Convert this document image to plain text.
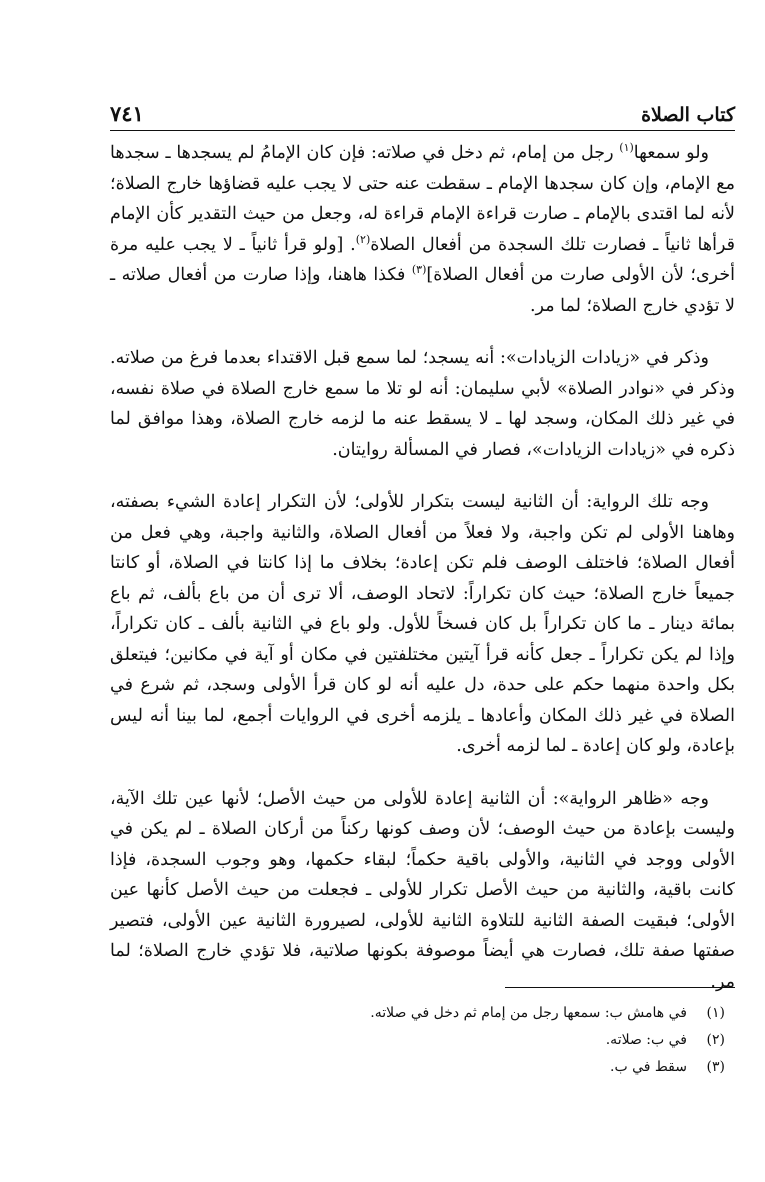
كتاب الصلاة
٧٤١

ولو سمعها$^{(١)}$ رجل من إمام، ثم دخل في صلاته: فإن كان الإمامُ لم يسجدها ـ سجدها مع الإمام، وإن كان سجدها الإمام ـ سقطت عنه حتى لا يجب عليه قضاؤها خارج الصلاة؛ لأنه لما اقتدى بالإمام ـ صارت قراءة الإمام قراءة له، وجعل من حيث التقدير كأن الإمام قرأها ثانياً ـ فصارت تلك السجدة من أفعال الصلاة$^{(٢)}$. [ولو قرأ ثانياً ـ لا يجب عليه مرة أخرى؛ لأن الأولى صارت من أفعال الصلاة]$^{(٣)}$ فكذا هاهنا، وإذا صارت من أفعال صلاته ـ لا تؤدي خارج الصلاة؛ لما مر.

وذكر في «زيادات الزيادات»: أنه يسجد؛ لما سمع قبل الاقتداء بعدما فرغ من صلاته. وذكر في «نوادر الصلاة» لأبي سليمان: أنه لو تلا ما سمع خارج الصلاة في صلاة نفسه، في غير ذلك المكان، وسجد لها ـ لا يسقط عنه ما لزمه خارج الصلاة، وهذا موافق لما ذكره في «زيادات الزيادات»، فصار في المسألة روايتان.

وجه تلك الرواية: أن الثانية ليست بتكرار للأولى؛ لأن التكرار إعادة الشيء بصفته، وهاهنا الأولى لم تكن واجبة، ولا فعلاً من أفعال الصلاة، والثانية واجبة، وهي فعل من أفعال الصلاة؛ فاختلف الوصف فلم تكن إعادة؛ بخلاف ما إذا كانتا في الصلاة، أو كانتا جميعاً خارج الصلاة؛ حيث كان تكراراً: لاتحاد الوصف، ألا ترى أن من باع بألف، ثم باع بمائة دينار ـ ما كان تكراراً بل كان فسخاً للأول. ولو باع في الثانية بألف ـ كان تكراراً، وإذا لم يكن تكراراً ـ جعل كأنه قرأ آيتين مختلفتين في مكان أو آية في مكانين؛ فيتعلق بكل واحدة منهما حكم على حدة، دل عليه أنه لو كان قرأ الأولى وسجد، ثم شرع في الصلاة في غير ذلك المكان وأعادها ـ يلزمه أخرى في الروايات أجمع، لما بينا أنه ليس بإعادة، ولو كان إعادة ـ لما لزمه أخرى.

وجه «ظاهر الرواية»: أن الثانية إعادة للأولى من حيث الأصل؛ لأنها عين تلك الآية، وليست بإعادة من حيث الوصف؛ لأن وصف كونها ركناً من أركان الصلاة ـ لم يكن في الأولى ووجد في الثانية، والأولى باقية حكماً؛ لبقاء حكمها، وهو وجوب السجدة، فإذا كانت باقية، والثانية من حيث الأصل تكرار للأولى ـ فجعلت من حيث الأصل كأنها عين الأولى؛ فبقيت الصفة الثانية للتلاوة الثانية للأولى، لصيرورة الثانية عين الأولى، فتصير صفتها صفة تلك، فصارت هي أيضاً موصوفة بكونها صلاتية، فلا تؤدي خارج الصلاة؛ لما مر.

(١)
في هامش ب: سمعها رجل من إمام ثم دخل في صلاته.
(٢)
في ب: صلاته.
(٣)
سقط في ب.
